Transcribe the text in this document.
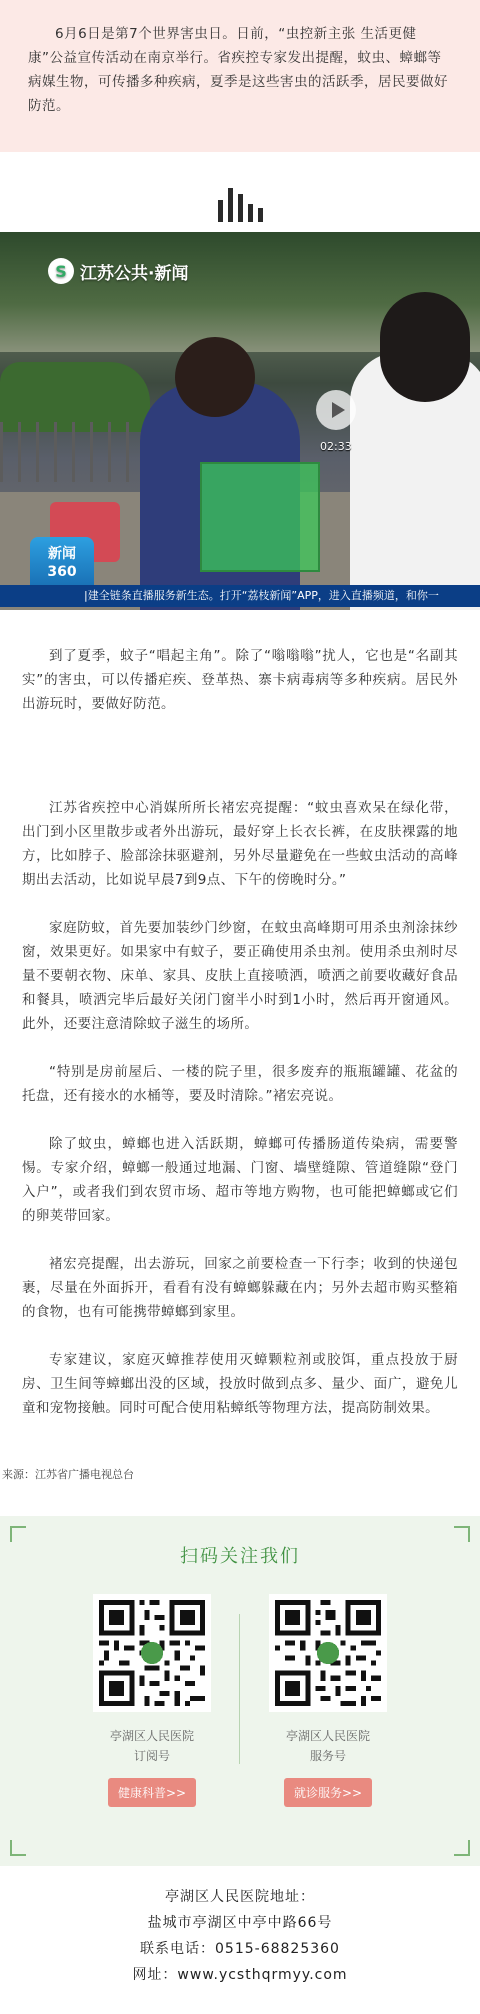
6月6日是第7个世界害虫日。日前，“虫控新主张 生活更健康”公益宣传活动在南京举行。省疾控专家发出提醒，蚊虫、蟑螂等病媒生物，可传播多种疾病，夏季是这些害虫的活跃季，居民要做好防范。

S 江苏公共·新闻
02:33
新闻
360
|建全链条直播服务新生态。打开“荔枝新闻”APP，进入直播频道，和你一

到了夏季，蚊子“唱起主角”。除了“嗡嗡嗡”扰人，它也是“名副其实”的害虫，可以传播疟疾、登革热、寨卡病毒病等多种疾病。居民外出游玩时，要做好防范。

江苏省疾控中心消媒所所长褚宏亮提醒：“蚊虫喜欢呆在绿化带，出门到小区里散步或者外出游玩，最好穿上长衣长裤，在皮肤裸露的地方，比如脖子、脸部涂抹驱避剂，另外尽量避免在一些蚊虫活动的高峰期出去活动，比如说早晨7到9点、下午的傍晚时分。”

家庭防蚊，首先要加装纱门纱窗，在蚊虫高峰期可用杀虫剂涂抹纱窗，效果更好。如果家中有蚊子，要正确使用杀虫剂。使用杀虫剂时尽量不要朝衣物、床单、家具、皮肤上直接喷洒，喷洒之前要收藏好食品和餐具，喷洒完毕后最好关闭门窗半小时到1小时，然后再开窗通风。此外，还要注意清除蚊子滋生的场所。

“特别是房前屋后、一楼的院子里，很多废弃的瓶瓶罐罐、花盆的托盘，还有接水的水桶等，要及时清除。”褚宏亮说。

除了蚊虫，蟑螂也进入活跃期，蟑螂可传播肠道传染病，需要警惕。专家介绍，蟑螂一般通过地漏、门窗、墙壁缝隙、管道缝隙“登门入户”，或者我们到农贸市场、超市等地方购物，也可能把蟑螂或它们的卵荚带回家。

褚宏亮提醒，出去游玩，回家之前要检查一下行李；收到的快递包裹，尽量在外面拆开，看看有没有蟑螂躲藏在内；另外去超市购买整箱的食物，也有可能携带蟑螂到家里。

专家建议，家庭灭蟑推荐使用灭蟑颗粒剂或胶饵，重点投放于厨房、卫生间等蟑螂出没的区域，投放时做到点多、量少、面广，避免儿童和宠物接触。同时可配合使用粘蟑纸等物理方法，提高防制效果。

来源：江苏省广播电视总台
扫码关注我们
亭湖区人民医院
订阅号
健康科普>>
亭湖区人民医院
服务号
就诊服务>>
亭湖区人民医院地址：
盐城市亭湖区中亭中路66号
联系电话：0515-68825360
网址：www.ycsthqrmyy.com
